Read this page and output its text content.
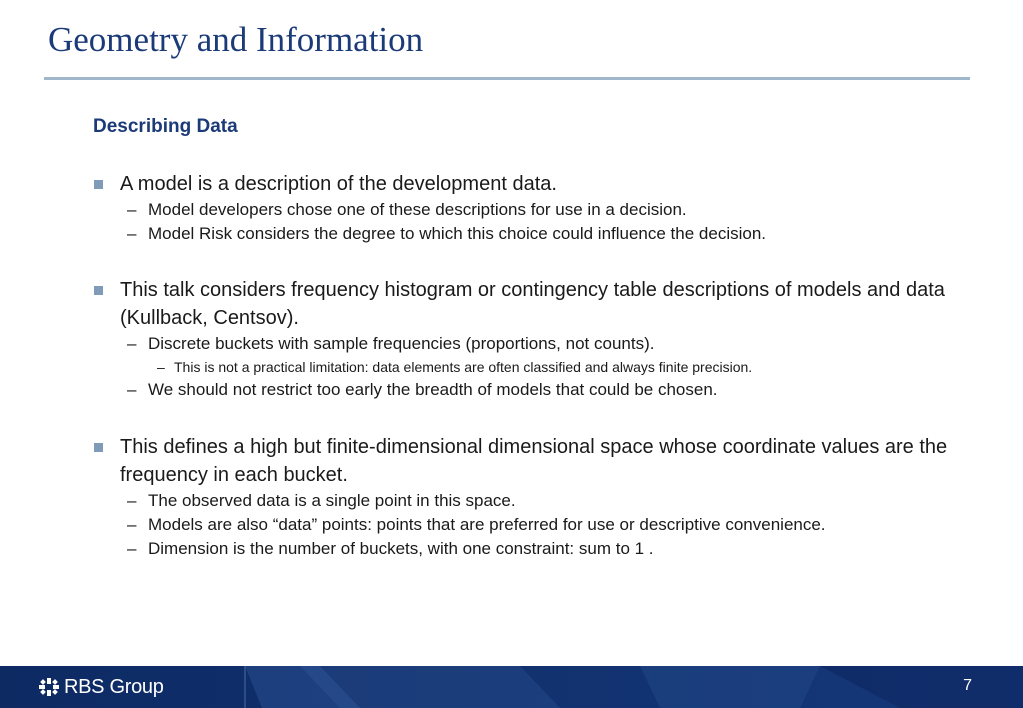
Geometry and Information
Describing Data
A model is a description of the development data.
– Model developers chose one of these descriptions for use in a decision.
– Model Risk considers the degree to which this choice could influence the decision.
This talk considers frequency histogram or contingency table descriptions of models and data (Kullback, Centsov).
– Discrete buckets with sample frequencies (proportions, not counts).
– This is not a practical limitation: data elements are often classified and always finite precision.
– We should not restrict too early the breadth of models that could be chosen.
This defines a high but finite-dimensional dimensional space whose coordinate values are the frequency in each bucket.
– The observed data is a single point in this space.
– Models are also “data” points: points that are preferred for use or descriptive convenience.
– Dimension is the number of buckets, with one constraint: sum to 1 .
RBS Group	7
